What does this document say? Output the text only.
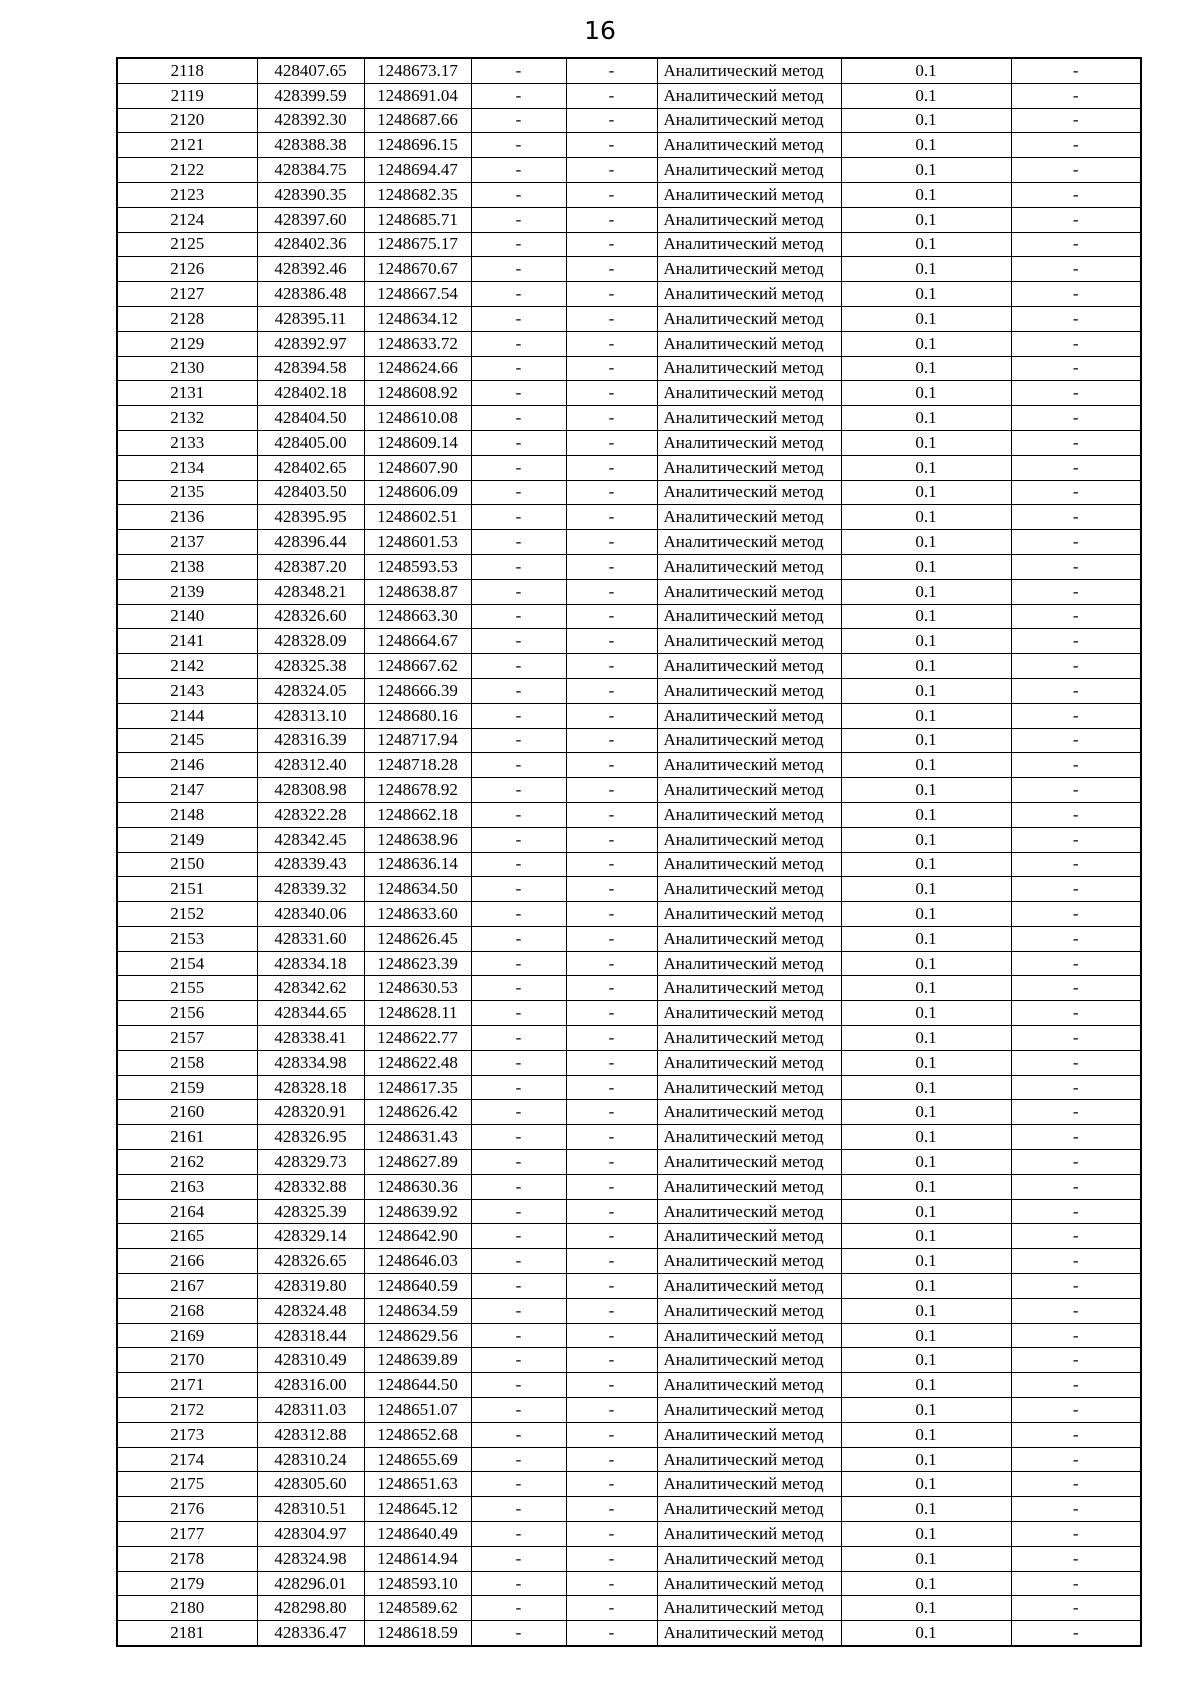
16
2118	428407.65	1248673.17	-	-	Аналитический метод	0.1	-
2119	428399.59	1248691.04	-	-	Аналитический метод	0.1	-
2120	428392.30	1248687.66	-	-	Аналитический метод	0.1	-
2121	428388.38	1248696.15	-	-	Аналитический метод	0.1	-
2122	428384.75	1248694.47	-	-	Аналитический метод	0.1	-
2123	428390.35	1248682.35	-	-	Аналитический метод	0.1	-
2124	428397.60	1248685.71	-	-	Аналитический метод	0.1	-
2125	428402.36	1248675.17	-	-	Аналитический метод	0.1	-
2126	428392.46	1248670.67	-	-	Аналитический метод	0.1	-
2127	428386.48	1248667.54	-	-	Аналитический метод	0.1	-
2128	428395.11	1248634.12	-	-	Аналитический метод	0.1	-
2129	428392.97	1248633.72	-	-	Аналитический метод	0.1	-
2130	428394.58	1248624.66	-	-	Аналитический метод	0.1	-
2131	428402.18	1248608.92	-	-	Аналитический метод	0.1	-
2132	428404.50	1248610.08	-	-	Аналитический метод	0.1	-
2133	428405.00	1248609.14	-	-	Аналитический метод	0.1	-
2134	428402.65	1248607.90	-	-	Аналитический метод	0.1	-
2135	428403.50	1248606.09	-	-	Аналитический метод	0.1	-
2136	428395.95	1248602.51	-	-	Аналитический метод	0.1	-
2137	428396.44	1248601.53	-	-	Аналитический метод	0.1	-
2138	428387.20	1248593.53	-	-	Аналитический метод	0.1	-
2139	428348.21	1248638.87	-	-	Аналитический метод	0.1	-
2140	428326.60	1248663.30	-	-	Аналитический метод	0.1	-
2141	428328.09	1248664.67	-	-	Аналитический метод	0.1	-
2142	428325.38	1248667.62	-	-	Аналитический метод	0.1	-
2143	428324.05	1248666.39	-	-	Аналитический метод	0.1	-
2144	428313.10	1248680.16	-	-	Аналитический метод	0.1	-
2145	428316.39	1248717.94	-	-	Аналитический метод	0.1	-
2146	428312.40	1248718.28	-	-	Аналитический метод	0.1	-
2147	428308.98	1248678.92	-	-	Аналитический метод	0.1	-
2148	428322.28	1248662.18	-	-	Аналитический метод	0.1	-
2149	428342.45	1248638.96	-	-	Аналитический метод	0.1	-
2150	428339.43	1248636.14	-	-	Аналитический метод	0.1	-
2151	428339.32	1248634.50	-	-	Аналитический метод	0.1	-
2152	428340.06	1248633.60	-	-	Аналитический метод	0.1	-
2153	428331.60	1248626.45	-	-	Аналитический метод	0.1	-
2154	428334.18	1248623.39	-	-	Аналитический метод	0.1	-
2155	428342.62	1248630.53	-	-	Аналитический метод	0.1	-
2156	428344.65	1248628.11	-	-	Аналитический метод	0.1	-
2157	428338.41	1248622.77	-	-	Аналитический метод	0.1	-
2158	428334.98	1248622.48	-	-	Аналитический метод	0.1	-
2159	428328.18	1248617.35	-	-	Аналитический метод	0.1	-
2160	428320.91	1248626.42	-	-	Аналитический метод	0.1	-
2161	428326.95	1248631.43	-	-	Аналитический метод	0.1	-
2162	428329.73	1248627.89	-	-	Аналитический метод	0.1	-
2163	428332.88	1248630.36	-	-	Аналитический метод	0.1	-
2164	428325.39	1248639.92	-	-	Аналитический метод	0.1	-
2165	428329.14	1248642.90	-	-	Аналитический метод	0.1	-
2166	428326.65	1248646.03	-	-	Аналитический метод	0.1	-
2167	428319.80	1248640.59	-	-	Аналитический метод	0.1	-
2168	428324.48	1248634.59	-	-	Аналитический метод	0.1	-
2169	428318.44	1248629.56	-	-	Аналитический метод	0.1	-
2170	428310.49	1248639.89	-	-	Аналитический метод	0.1	-
2171	428316.00	1248644.50	-	-	Аналитический метод	0.1	-
2172	428311.03	1248651.07	-	-	Аналитический метод	0.1	-
2173	428312.88	1248652.68	-	-	Аналитический метод	0.1	-
2174	428310.24	1248655.69	-	-	Аналитический метод	0.1	-
2175	428305.60	1248651.63	-	-	Аналитический метод	0.1	-
2176	428310.51	1248645.12	-	-	Аналитический метод	0.1	-
2177	428304.97	1248640.49	-	-	Аналитический метод	0.1	-
2178	428324.98	1248614.94	-	-	Аналитический метод	0.1	-
2179	428296.01	1248593.10	-	-	Аналитический метод	0.1	-
2180	428298.80	1248589.62	-	-	Аналитический метод	0.1	-
2181	428336.47	1248618.59	-	-	Аналитический метод	0.1	-
